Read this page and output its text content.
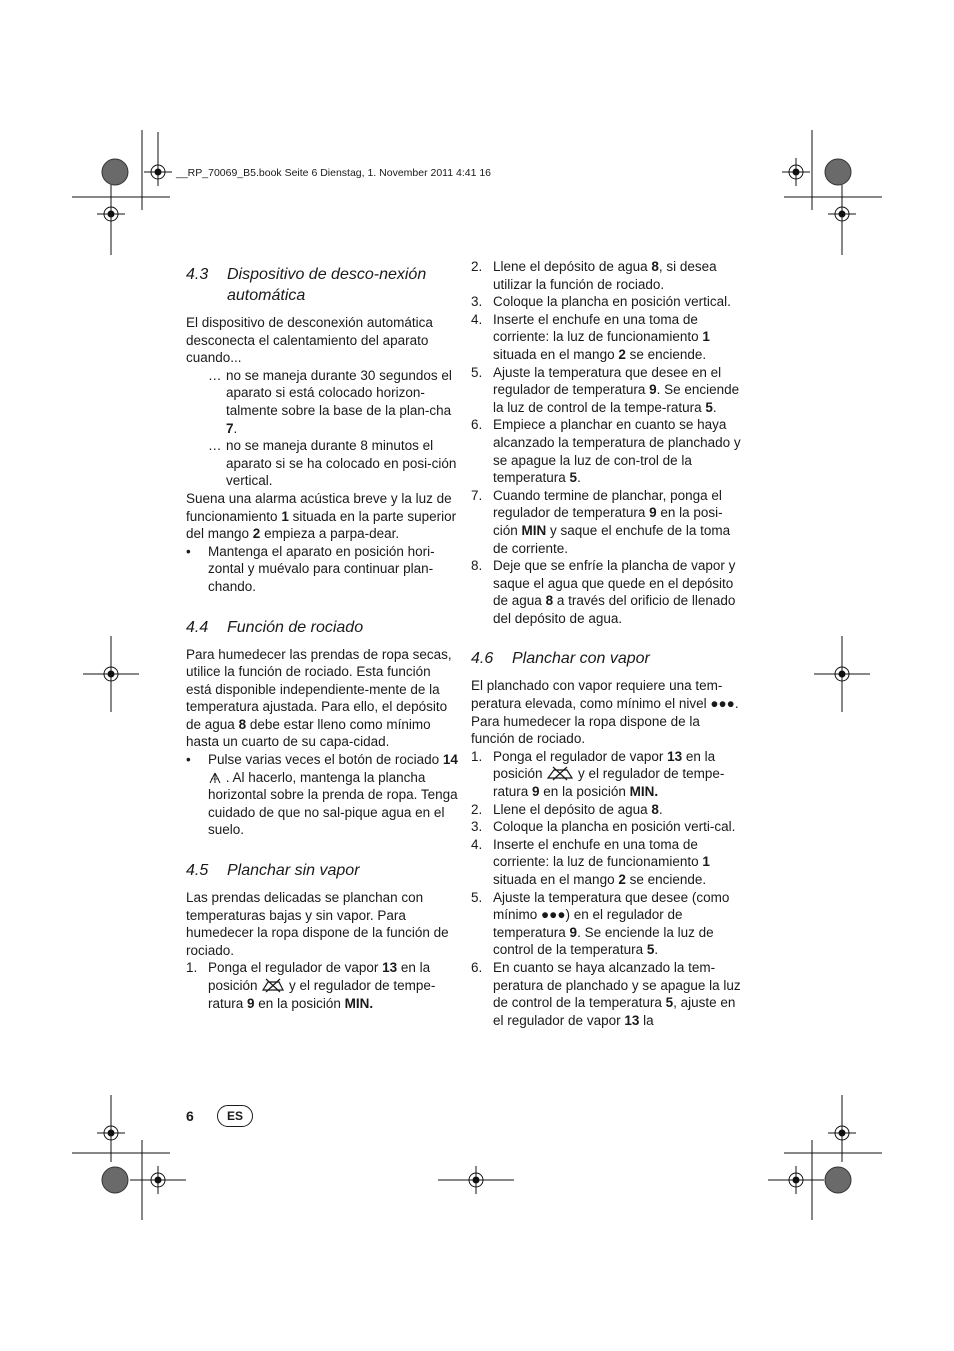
__RP_70069_B5.book Seite 6 Dienstag, 1. November 2011 4:41 16
4.3	Dispositivo de desco-nexión automática

El dispositivo de desconexión automática desconecta el calentamiento del aparato cuando...

… no se maneja durante 30 segundos el aparato si está colocado horizon-talmente sobre la base de la plan-cha 7.
… no se maneja durante 8 minutos el aparato si se ha colocado en posi-ción vertical.

Suena una alarma acústica breve y la luz de funcionamiento 1 situada en la parte superior del mango 2 empieza a parpa-dear.

•	Mantenga el aparato en posición hori-zontal y muévalo para continuar plan-chando.
4.4	Función de rociado

Para humedecer las prendas de ropa secas, utilice la función de rociado. Esta función está disponible independiente-mente de la temperatura ajustada. Para ello, el depósito de agua 8 debe estar lleno como mínimo hasta un cuarto de su capa-cidad.

•	Pulse varias veces el botón de rociado 14  . Al hacerlo, mantenga la plancha horizontal sobre la prenda de ropa. Tenga cuidado de que no sal-pique agua en el suelo.
4.5	Planchar sin vapor

Las prendas delicadas se planchan con temperaturas bajas y sin vapor. Para humedecer la ropa dispone de la función de rociado.

1. Ponga el regulador de vapor 13 en la posición  y el regulador de tempe-ratura 9 en la posición MIN.
2. Llene el depósito de agua 8, si desea utilizar la función de rociado.
3. Coloque la plancha en posición vertical.
4. Inserte el enchufe en una toma de corriente: la luz de funcionamiento 1 situada en el mango 2 se enciende.
5. Ajuste la temperatura que desee en el regulador de temperatura 9. Se enciende la luz de control de la tempe-ratura 5.
6. Empiece a planchar en cuanto se haya alcanzado la temperatura de planchado y se apague la luz de con-trol de la temperatura 5.
7. Cuando termine de planchar, ponga el regulador de temperatura 9 en la posi-ción MIN y saque el enchufe de la toma de corriente.
8. Deje que se enfríe la plancha de vapor y saque el agua que quede en el depósito de agua 8 a través del orificio de llenado del depósito de agua.
4.6	Planchar con vapor

El planchado con vapor requiere una tem-peratura elevada, como mínimo el nivel ●●●. Para humedecer la ropa dispone de la función de rociado.

1. Ponga el regulador de vapor 13 en la posición  y el regulador de tempe-ratura 9 en la posición MIN.
2. Llene el depósito de agua 8.
3. Coloque la plancha en posición verti-cal.
4. Inserte el enchufe en una toma de corriente: la luz de funcionamiento 1 situada en el mango 2 se enciende.
5. Ajuste la temperatura que desee (como mínimo ●●●) en el regulador de temperatura 9. Se enciende la luz de control de la temperatura 5.
6. En cuanto se haya alcanzado la tem-peratura de planchado y se apague la luz de control de la temperatura 5, ajuste en el regulador de vapor 13 la
6	ES
